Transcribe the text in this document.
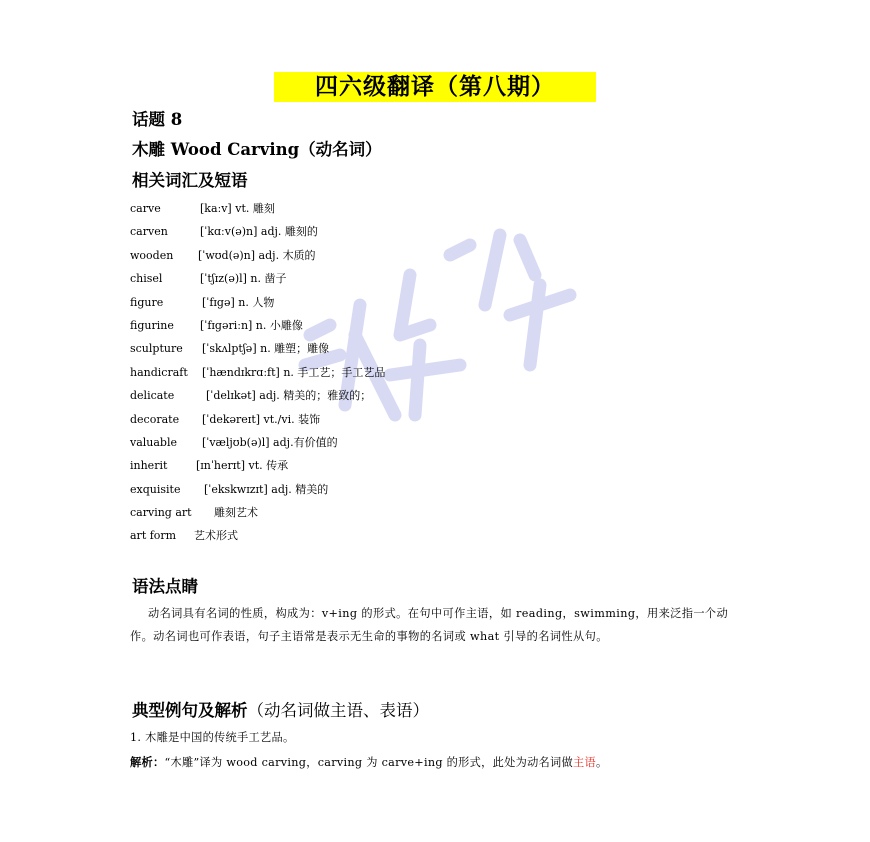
四六级翻译（第八期）
话题 8
木雕 Wood Carving（动名词）
相关词汇及短语
carve	[kaːv] vt. 雕刻
carven	[ˈkɑːv(ə)n] adj. 雕刻的
wooden [ˈwʊd(ə)n] adj. 木质的
chisel	[ˈtʃɪz(ə)l] n. 凿子
figure	[ˈfɪgə] n. 人物
figurine [ˈfɪgəriːn] n. 小雕像
sculpture [ˈskʌlptʃə] n. 雕塑；雕像
handicraft [ˈhændɪkrɑːft] n. 手工艺；手工艺品
delicate	[ˈdelɪkət] adj. 精美的；雅致的；
decorate [ˈdekəreɪt] vt./vi. 装饰
valuable [ˈvæljʊb(ə)l] adj.有价值的
inherit	[ɪnˈherɪt] vt. 传承
exquisite [ˈekskwɪzɪt] adj. 精美的
carving art 雕刻艺术
art form 艺术形式
语法点睛
动名词具有名词的性质，构成为：v+ing 的形式。在句中可作主语，如 reading，swimming，用来泛指一个动作。动名词也可作表语，句子主语常是表示无生命的事物的名词或 what 引导的名词性从句。
典型例句及解析（动名词做主语、表语）
1. 木雕是中国的传统手工艺品。
解析：“木雕”译为 wood carving，carving 为 carve+ing 的形式，此处为动名词做主语。
